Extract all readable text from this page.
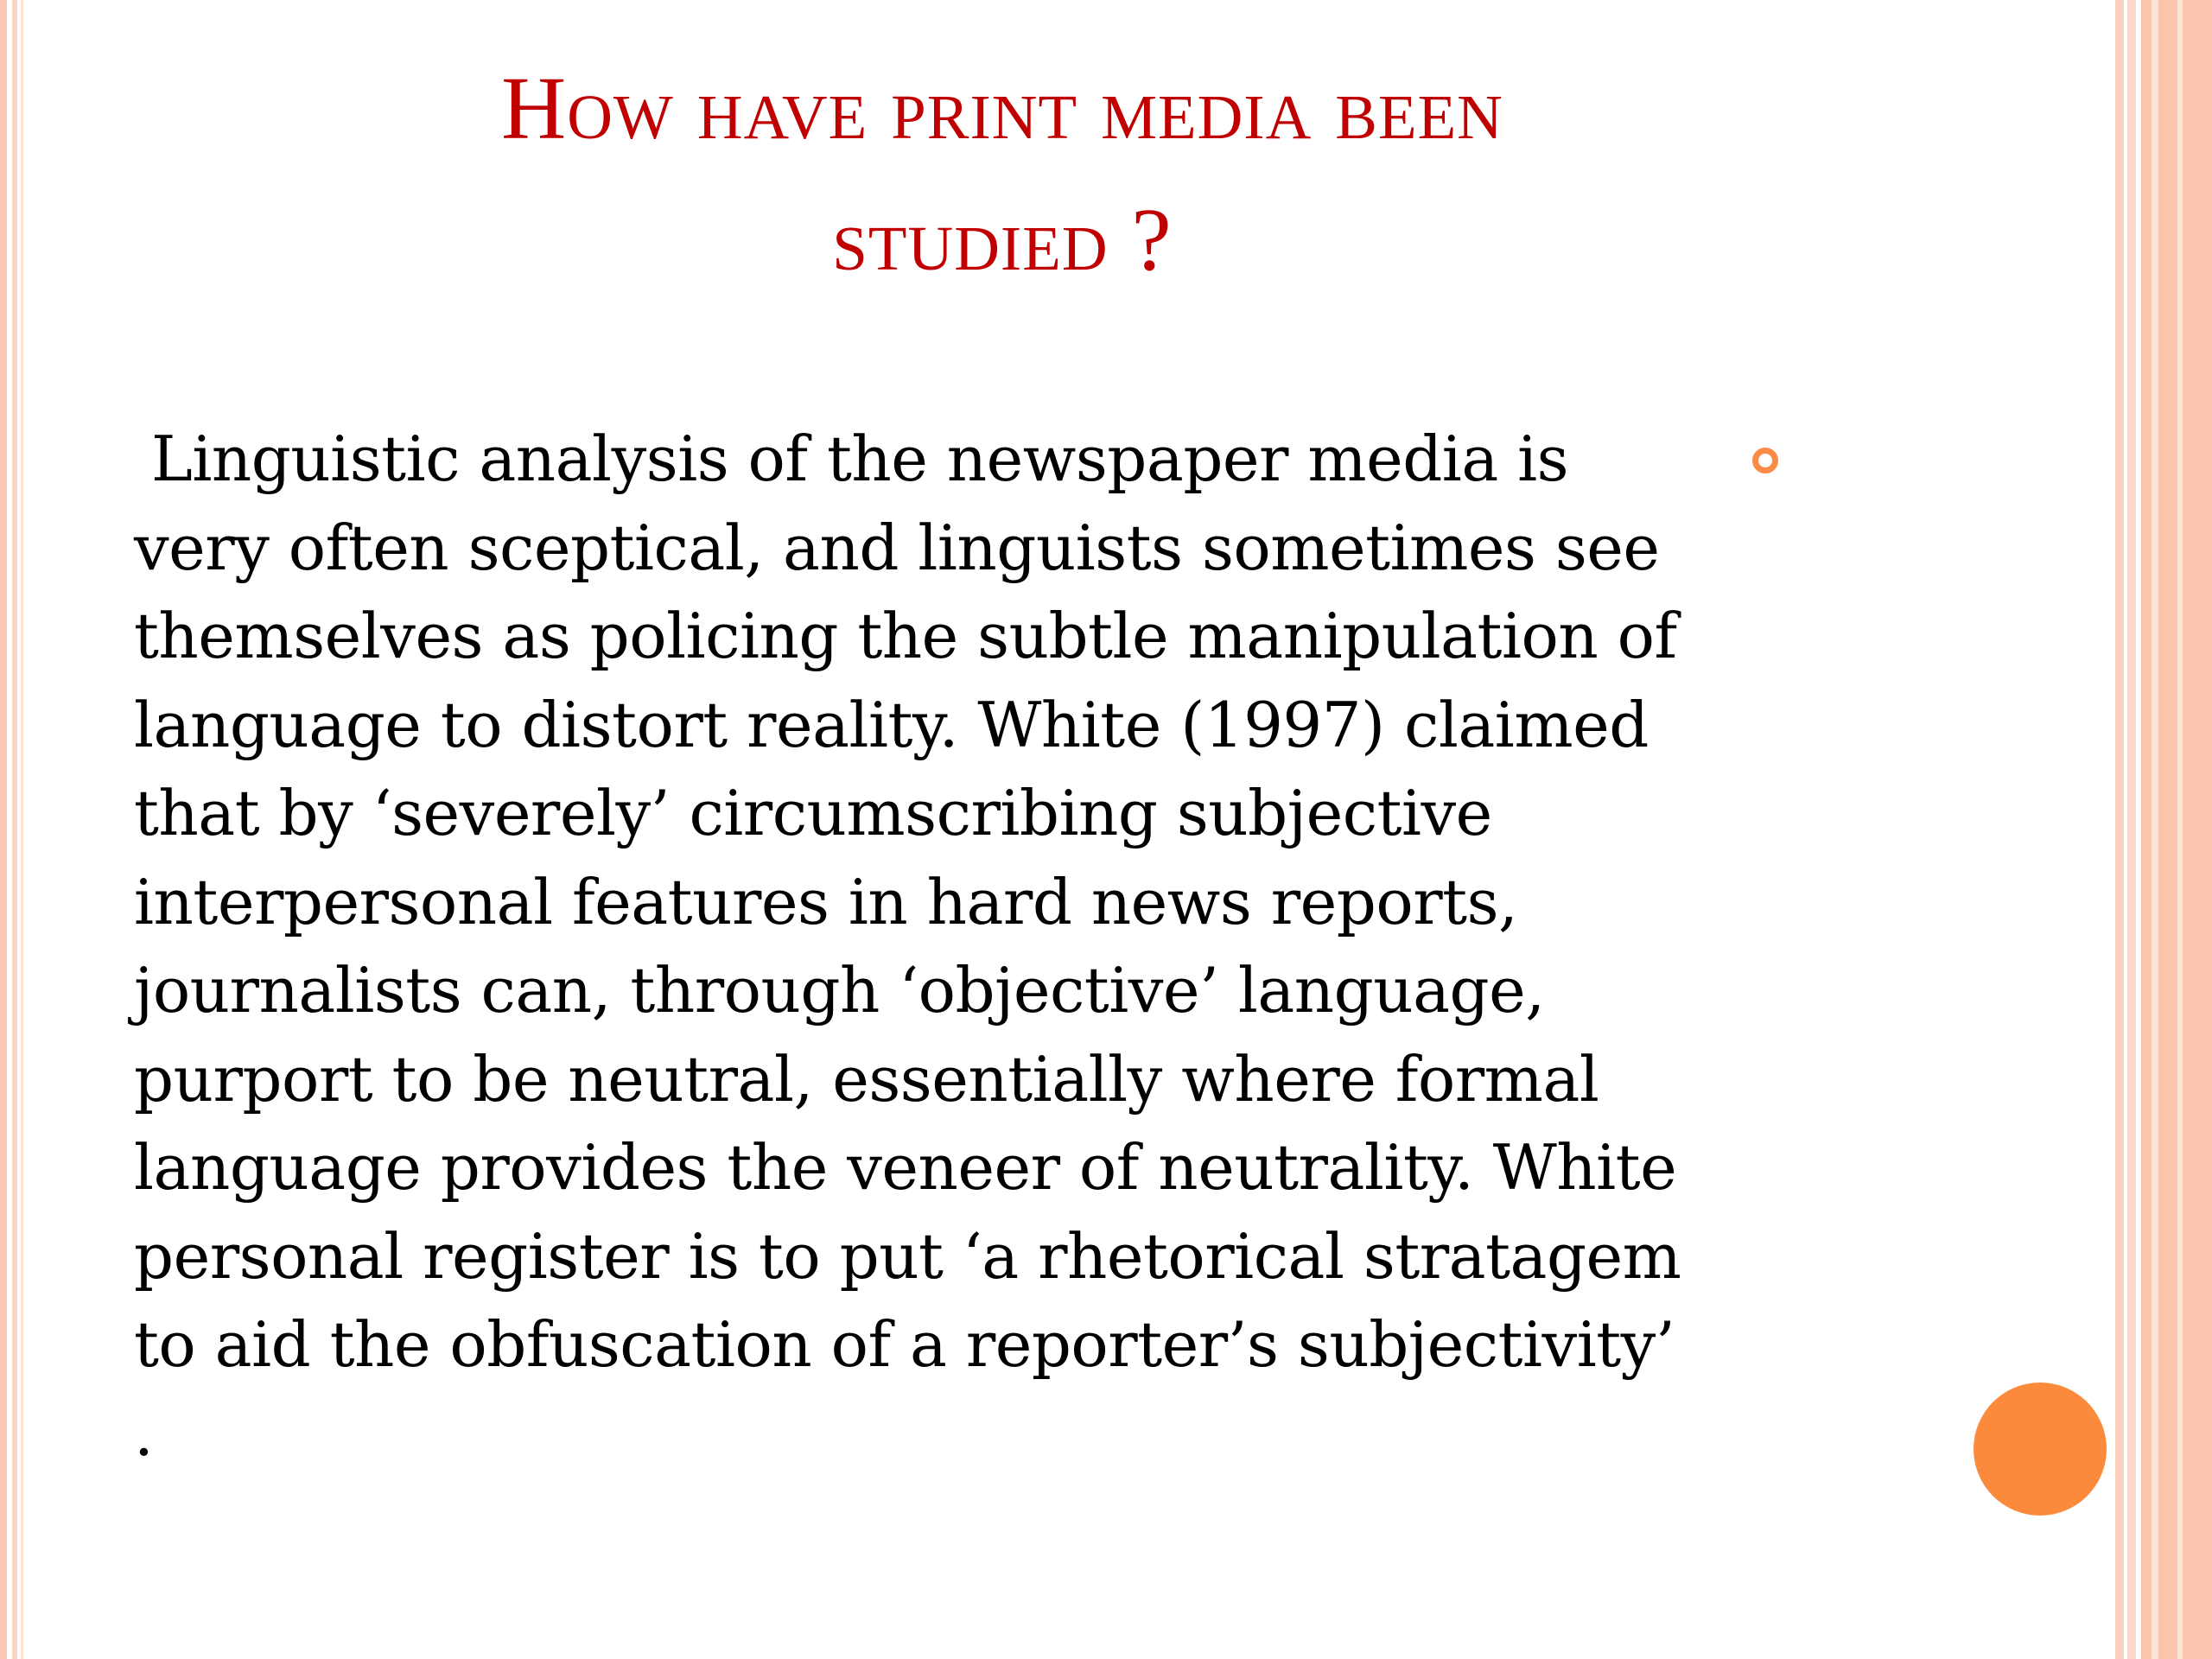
How have print media been
studied ?

Linguistic analysis of the newspaper media is
very often sceptical, and linguists sometimes see
themselves as policing the subtle manipulation of
language to distort reality. White (1997) claimed
that by ‘severely’ circumscribing subjective
interpersonal features in hard news reports,
journalists can, through ‘objective’ language,
purport to be neutral, essentially where formal
language provides the veneer of neutrality. White
personal register is to put ‘a rhetorical stratagem
to aid the obfuscation of a reporter’s subjectivity’
.
